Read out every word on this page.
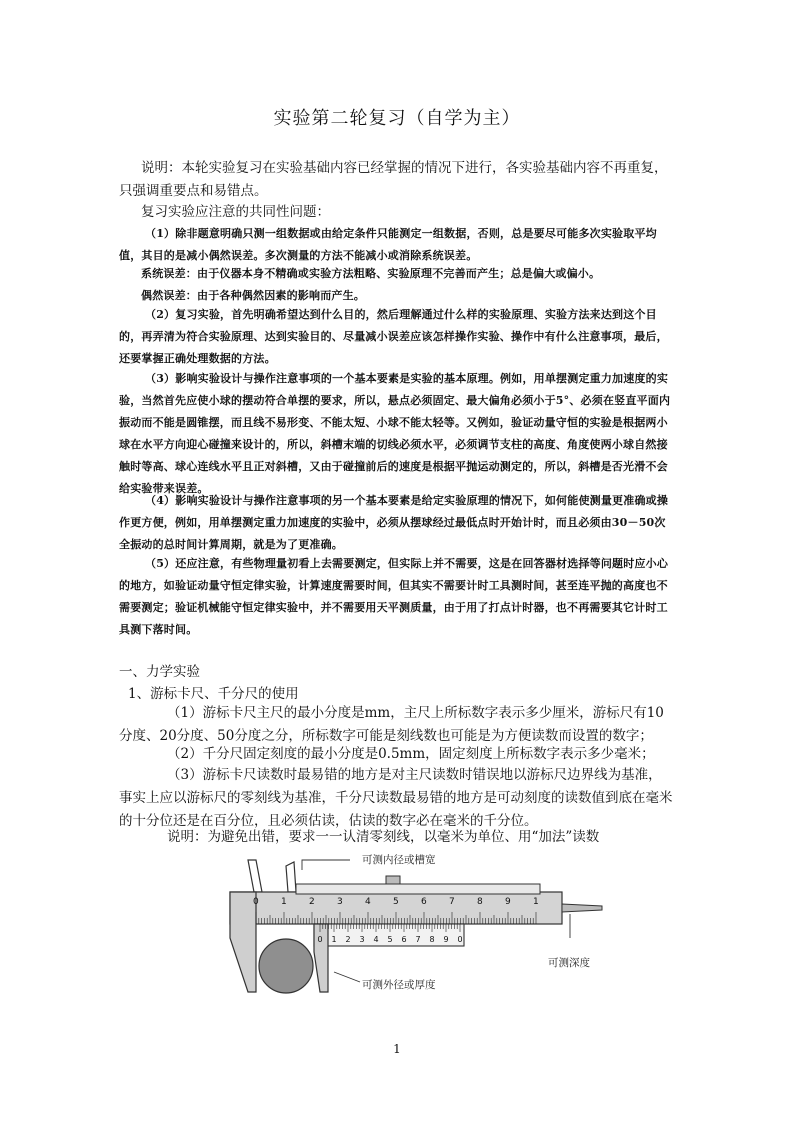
实验第二轮复习（自学为主）
说明：本轮实验复习在实验基础内容已经掌握的情况下进行，各实验基础内容不再重复，只强调重要点和易错点。
复习实验应注意的共同性问题：
（1）除非题意明确只测一组数据或由给定条件只能测定一组数据，否则，总是要尽可能多次实验取平均值，其目的是减小偶然误差。多次测量的方法不能减小或消除系统误差。
系统误差：由于仪器本身不精确或实验方法粗略、实验原理不完善而产生；总是偏大或偏小。
偶然误差：由于各种偶然因素的影响而产生。
（2）复习实验，首先明确希望达到什么目的，然后理解通过什么样的实验原理、实验方法来达到这个目的，再弄清为符合实验原理、达到实验目的、尽量减小误差应该怎样操作实验、操作中有什么注意事项，最后，还要掌握正确处理数据的方法。
（3）影响实验设计与操作注意事项的一个基本要素是实验的基本原理。例如，用单摆测定重力加速度的实验，当然首先应使小球的摆动符合单摆的要求，所以，悬点必须固定、最大偏角必须小于5°、必须在竖直平面内振动而不能是圆锥摆，而且线不易形变、不能太短、小球不能太轻等。又例如，验证动量守恒的实验是根据两小球在水平方向迎心碰撞来设计的，所以，斜槽末端的切线必须水平，必须调节支柱的高度、角度使两小球自然接触时等高、球心连线水平且正对斜槽，又由于碰撞前后的速度是根据平抛运动测定的，所以，斜槽是否光滑不会给实验带来误差。
（4）影响实验设计与操作注意事项的另一个基本要素是给定实验原理的情况下，如何能使测量更准确或操作更方便，例如，用单摆测定重力加速度的实验中，必须从摆球经过最低点时开始计时，而且必须由30－50次全振动的总时间计算周期，就是为了更准确。
（5）还应注意，有些物理量初看上去需要测定，但实际上并不需要，这是在回答器材选择等问题时应小心的地方，如验证动量守恒定律实验，计算速度需要时间，但其实不需要计时工具测时间，甚至连平抛的高度也不需要测定；验证机械能守恒定律实验中，并不需要用天平测质量，由于用了打点计时器，也不再需要其它计时工具测下落时间。
一、力学实验
1、游标卡尺、千分尺的使用
（1）游标卡尺主尺的最小分度是mm，主尺上所标数字表示多少厘米，游标尺有10分度、20分度、50分度之分，所标数字可能是刻线数也可能是为方便读数而设置的数字；
（2）千分尺固定刻度的最小分度是0.5mm，固定刻度上所标数字表示多少毫米；
（3）游标卡尺读数时最易错的地方是对主尺读数时错误地以游标尺边界线为基准，事实上应以游标尺的零刻线为基准，千分尺读数最易错的地方是可动刻度的读数值到底在毫米的十分位还是在百分位，且必须估读，估读的数字必在毫米的千分位。
说明：为避免出错，要求一一认清零刻线，以毫米为单位、用“加法”读数
0 1 2 3 4 5 6 7 8 9 1
0 1 2 3 4 5 6 7 8 9 0
可测内径或槽宽
可测外径或厚度
可测深度
1
